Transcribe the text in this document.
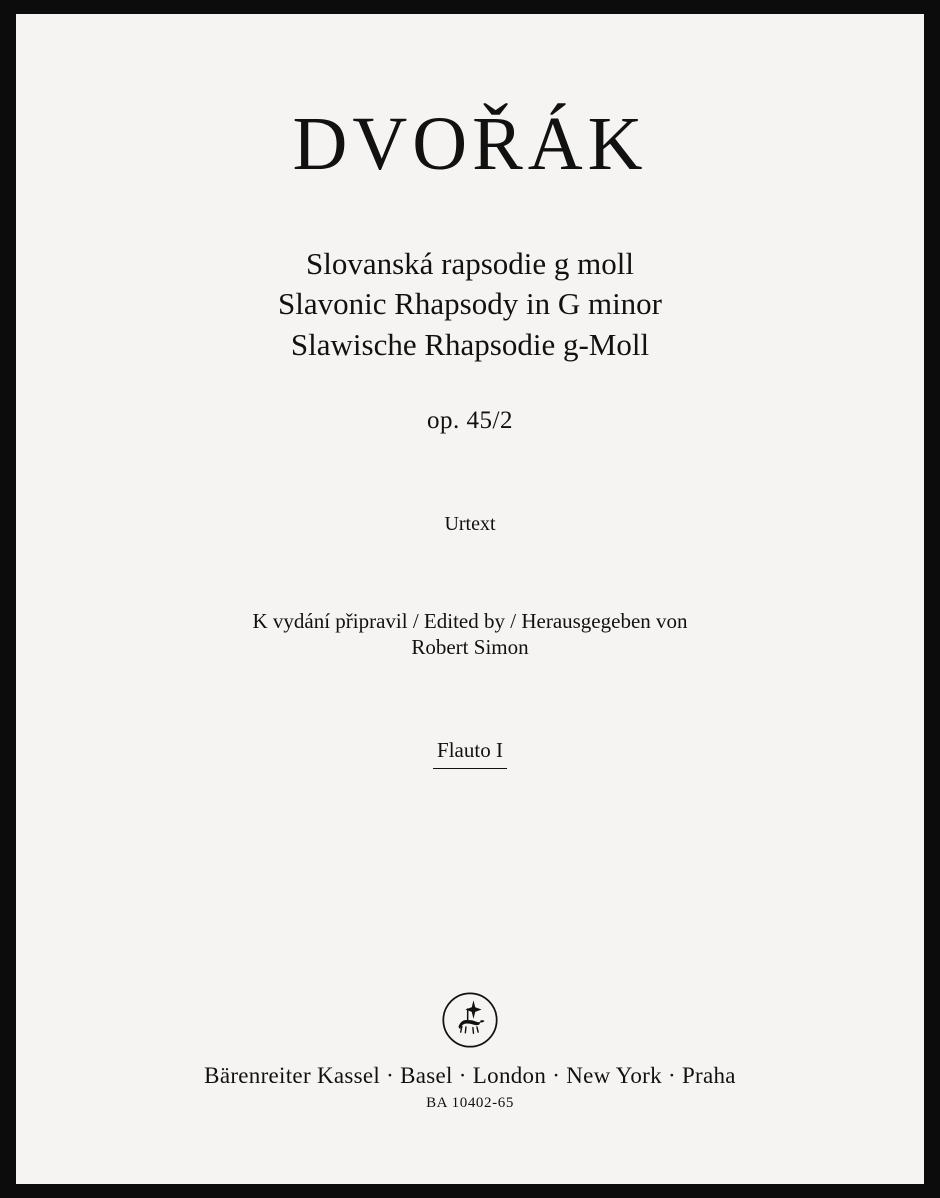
DVOŘÁK
Slovanská rapsodie g moll
Slavonic Rhapsody in G minor
Slawische Rhapsodie g-Moll
op. 45/2
Urtext
K vydání připravil / Edited by / Herausgegeben von
Robert Simon
Flauto I
Bärenreiter Kassel · Basel · London · New York · Praha
BA 10402-65
